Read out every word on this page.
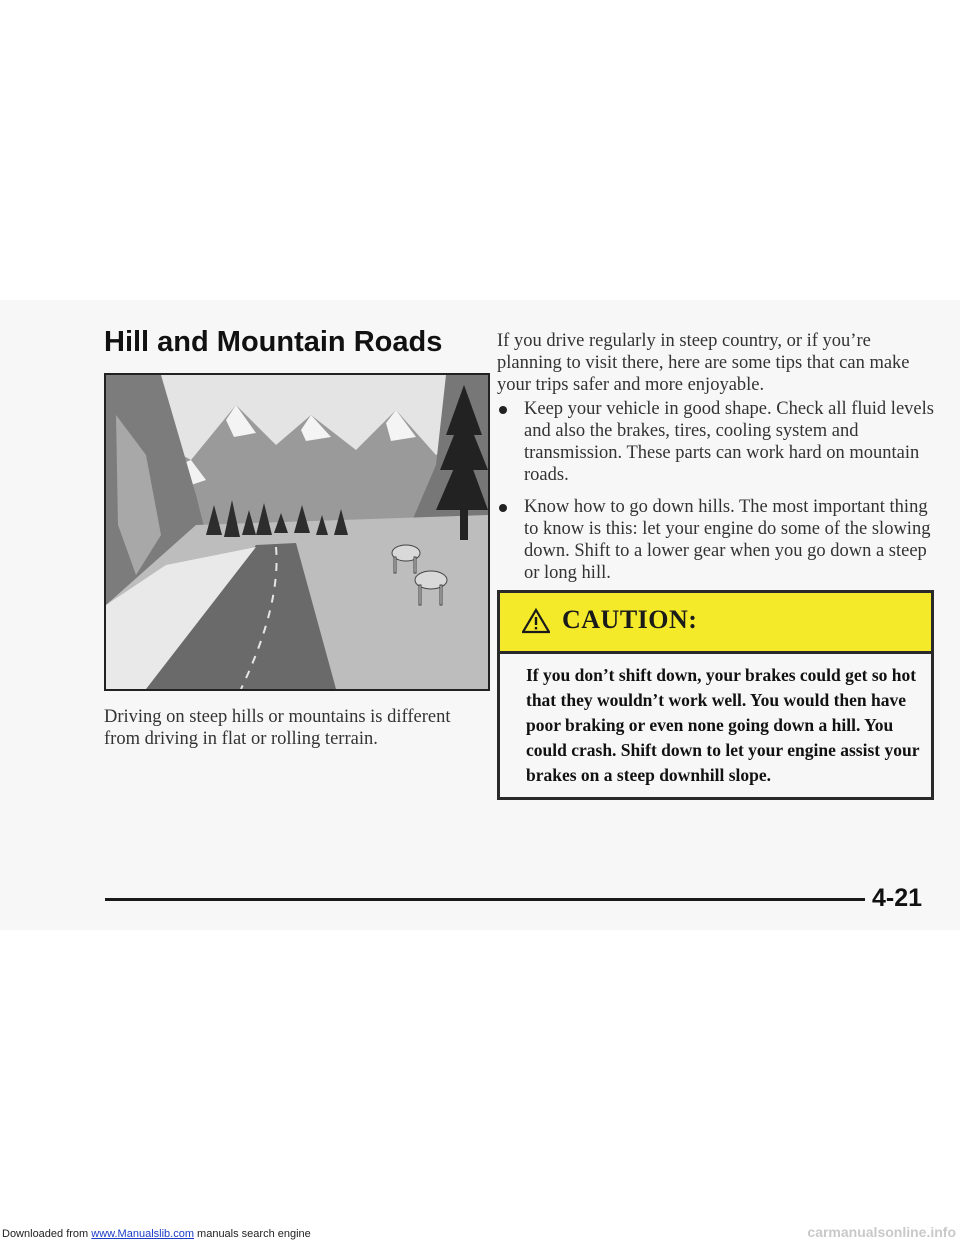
Hill and Mountain Roads

Driving on steep hills or mountains is different from driving in flat or rolling terrain.

If you drive regularly in steep country, or if you’re planning to visit there, here are some tips that can make your trips safer and more enjoyable.

Keep your vehicle in good shape. Check all fluid levels and also the brakes, tires, cooling system and transmission. These parts can work hard on mountain roads.
Know how to go down hills. The most important thing to know is this: let your engine do some of the slowing down. Shift to a lower gear when you go down a steep or long hill.
CAUTION:

If you don’t shift down, your brakes could get so hot that they wouldn’t work well. You would then have poor braking or even none going down a hill. You could crash. Shift down to let your engine assist your brakes on a steep downhill slope.

4-21
Downloaded from www.Manualslib.com manuals search engine	carmanualsonline.info
